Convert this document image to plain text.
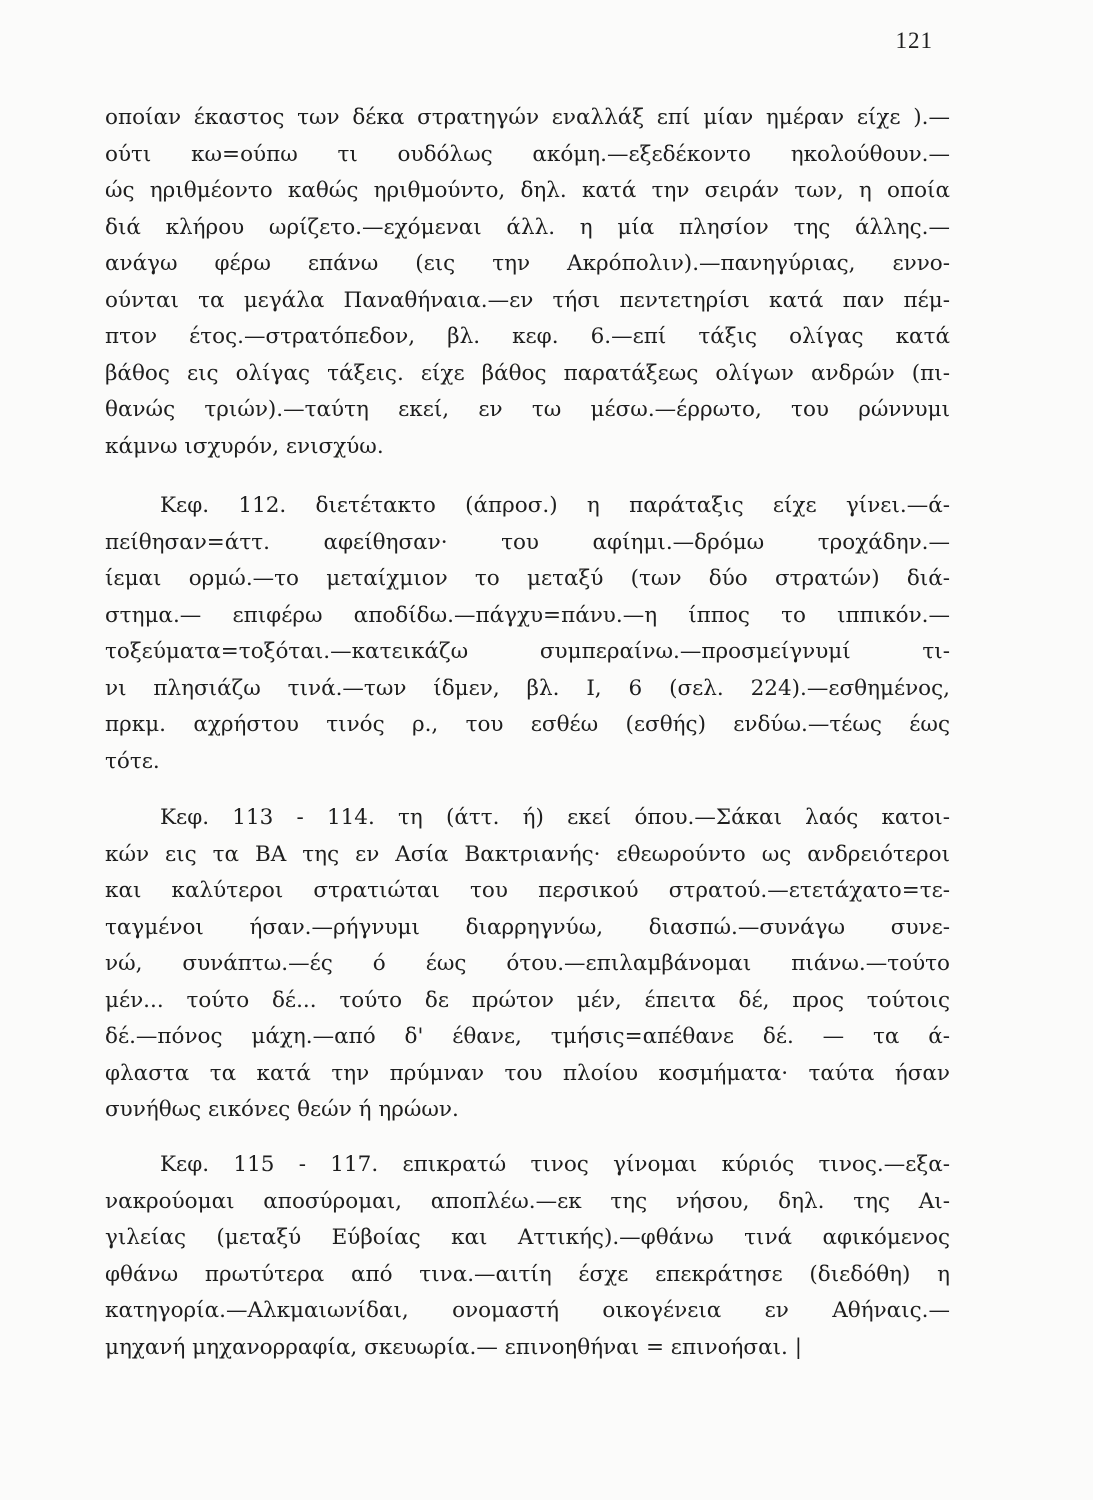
121
οποίαν έκαστος των δέκα στρατηγών εναλλάξ επί μίαν ημέραν είχε ).—
ούτι κω=ούπω τι ουδόλως ακόμη.—εξεδέκοντο ηκολούθουν.—
ώς ηριθμέοντο καθώς ηριθμούντο, δηλ. κατά την σειράν των, η οποία
διά κλήρου ωρίζετο.—εχόμεναι άλλ. η μία πλησίον της άλλης.—
ανάγω φέρω επάνω (εις την Ακρόπολιν).—πανηγύριας, εννο-
ούνται τα μεγάλα Παναθήναια.—εν τήσι πεντετηρίσι κατά παν πέμ-
πτον έτος.—στρατόπεδον, βλ. κεφ. 6.—επί τάξις ολίγας κατά
βάθος εις ολίγας τάξεις. είχε βάθος παρατάξεως ολίγων ανδρών (πι-
θανώς τριών).—ταύτη εκεί, εν τω μέσω.—έρρωτο, του ρώννυμι
κάμνω ισχυρόν, ενισχύω.
Κεφ. 112. διετέτακτο (άπροσ.) η παράταξις είχε γίνει.—ά-
πείθησαν=άττ. αφείθησαν· του αφίημι.—δρόμω τροχάδην.—
ίεμαι ορμώ.—το μεταίχμιον το μεταξύ (των δύο στρατών) διά-
στημα.— επιφέρω αποδίδω.—πάγχυ=πάνυ.—η ίππος το ιππικόν.—
τοξεύματα=τοξόται.—κατεικάζω συμπεραίνω.—προσμείγνυμί τι-
νι πλησιάζω τινά.—των ίδμεν, βλ. I, 6 (σελ. 224).—εσθημένος,
πρκμ. αχρήστου τινός ρ., του εσθέω (εσθής) ενδύω.—τέως έως
τότε.
Κεφ. 113 - 114. τη (άττ. ή) εκεί όπου.—Σάκαι λαός κατοι-
κών εις τα ΒΑ της εν Ασία Βακτριανής· εθεωρούντο ως ανδρειότεροι
και καλύτεροι στρατιώται του περσικού στρατού.—ετετάχατο=τε-
ταγμένοι ήσαν.—ρήγνυμι διαρρηγνύω, διασπώ.—συνάγω συνε-
νώ, συνάπτω.—ές ό έως ότου.—επιλαμβάνομαι πιάνω.—τούτο
μέν... τούτο δέ... τούτο δε πρώτον μέν, έπειτα δέ, προς τούτοις
δέ.—πόνος μάχη.—από δ' έθανε, τμήσις=απέθανε δέ. — τα ά-
φλαστα τα κατά την πρύμναν του πλοίου κοσμήματα· ταύτα ήσαν
συνήθως εικόνες θεών ή ηρώων.
Κεφ. 115 - 117. επικρατώ τινος γίνομαι κύριός τινος.—εξα-
νακρούομαι αποσύρομαι, αποπλέω.—εκ της νήσου, δηλ. της Αι-
γιλείας (μεταξύ Εύβοίας και Αττικής).—φθάνω τινά αφικόμενος
φθάνω πρωτύτερα από τινα.—αιτίη έσχε επεκράτησε (διεδόθη) η
κατηγορία.—Αλκμαιωνίδαι, ονομαστή οικογένεια εν Αθήναις.—
μηχανή μηχανορραφία, σκευωρία.— επινοηθήναι = επινοήσαι. |
